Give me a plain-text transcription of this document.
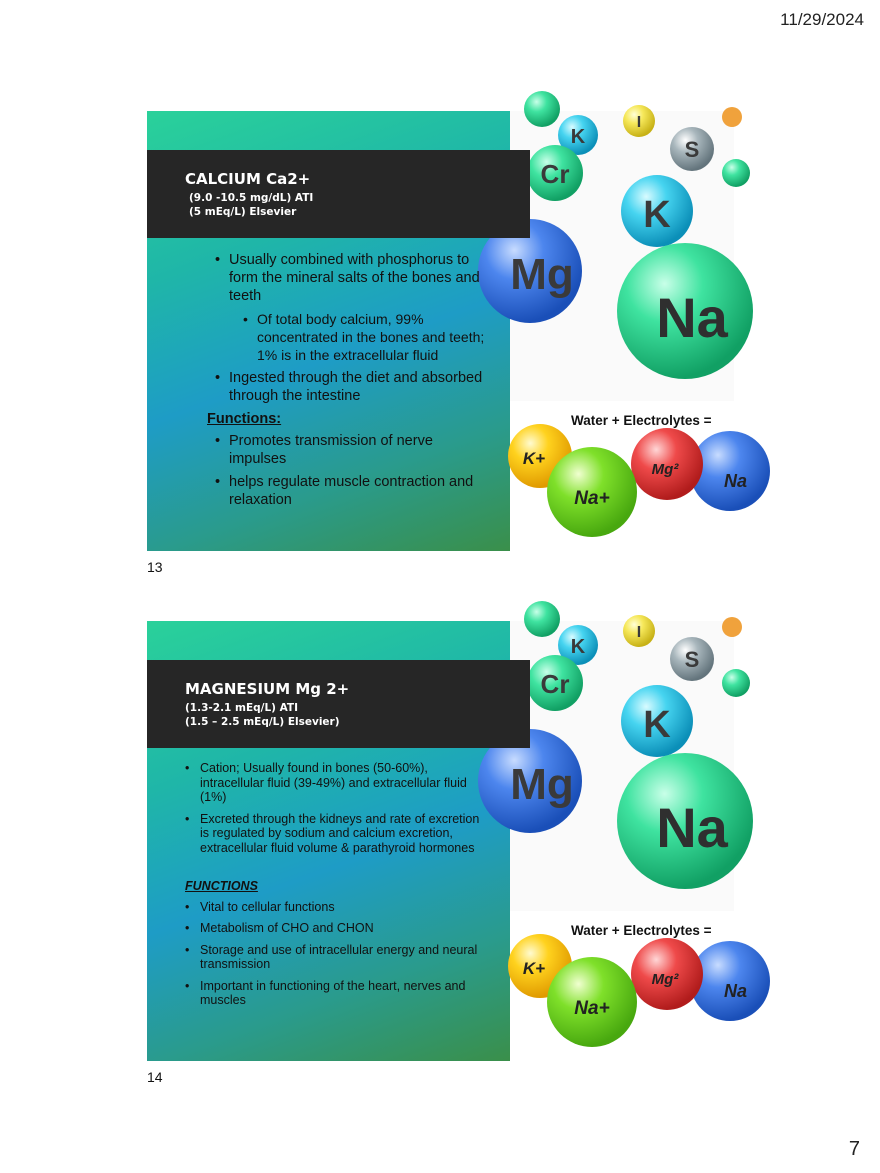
11/29/2024
K
I
Cr
S
K
Mg
Na
Water + Electrolytes =
K+
Na
Mg²
Na+
CALCIUM Ca2+
(9.0 -10.5 mg/dL) ATI
(5 mEq/L) Elsevier
• Usually combined with phosphorus to form the mineral salts of the bones and teeth
• Of total body calcium, 99% concentrated in the bones and teeth; 1% is in the extracellular fluid
• Ingested through the diet and absorbed through the intestine
Functions:
• Promotes transmission of nerve impulses
• helps regulate muscle contraction and relaxation
13
K
I
Cr
S
K
Mg
Na
Water + Electrolytes =
K+
Na
Mg²
Na+
MAGNESIUM Mg 2+
(1.3-2.1 mEq/L) ATI
(1.5 – 2.5 mEq/L) Elsevier)
• Cation; Usually found in bones (50-60%), intracellular fluid (39-49%) and extracellular fluid (1%)
• Excreted through the kidneys and rate of excretion is regulated by sodium and calcium excretion, extracellular fluid volume & parathyroid hormones
FUNCTIONS
• Vital to cellular functions
• Metabolism of CHO and CHON
• Storage and use of intracellular energy and neural transmission
• Important in functioning of the heart, nerves and muscles
14
7
